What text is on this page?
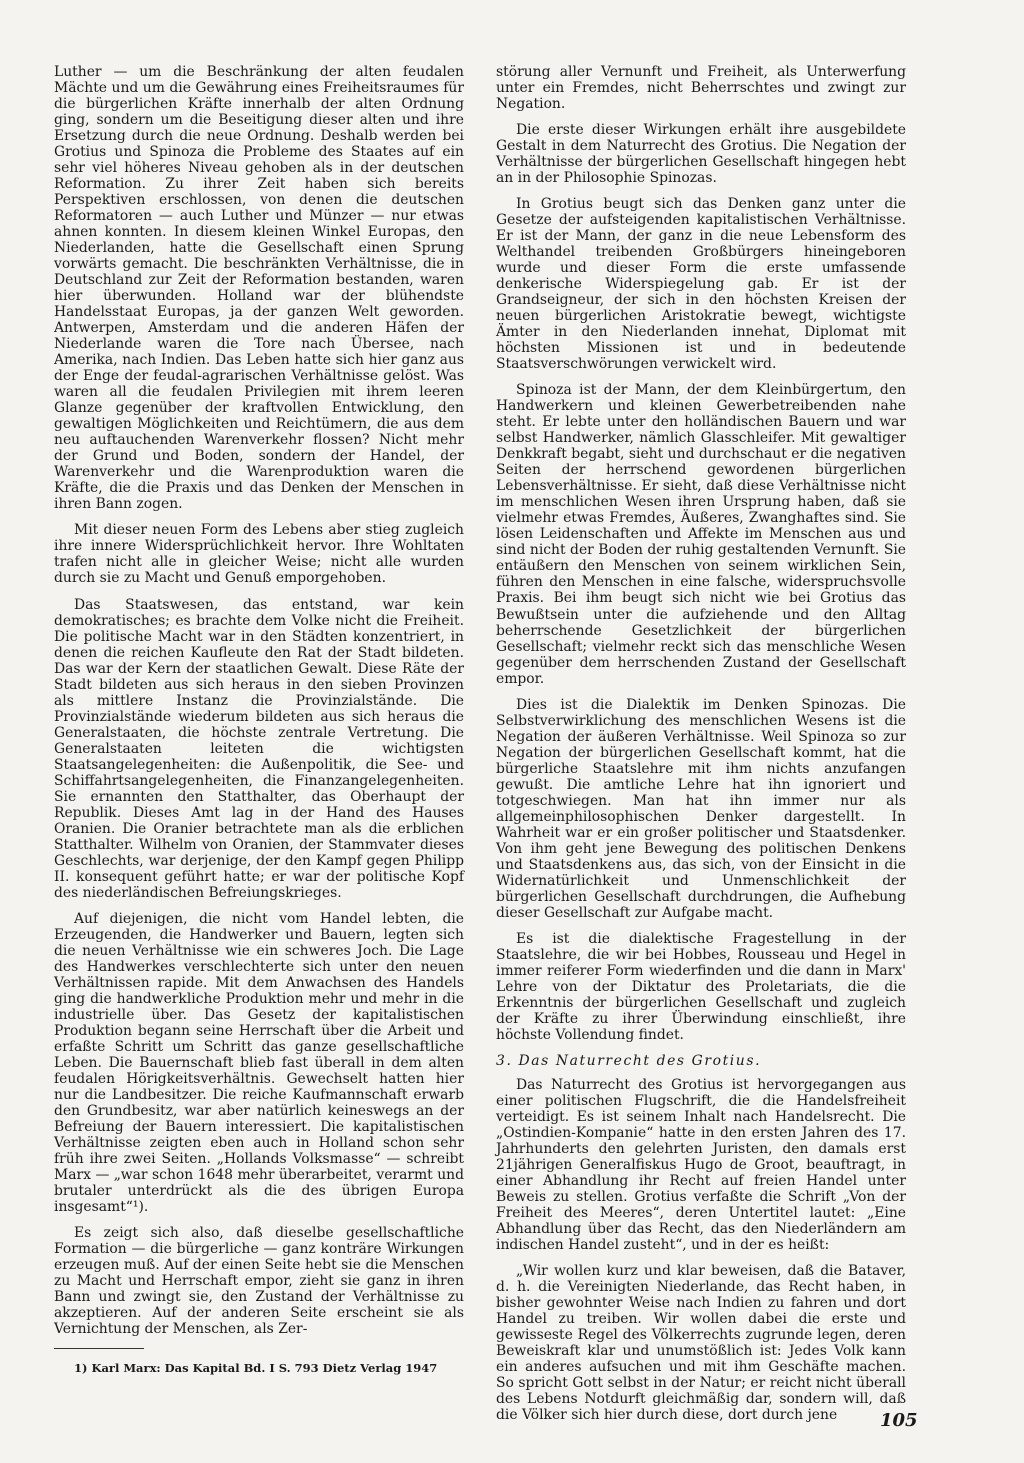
Luther — um die Beschränkung der alten feudalen Mächte und um die Gewährung eines Freiheitsraumes für die bürgerlichen Kräfte innerhalb der alten Ordnung ging, sondern um die Beseitigung dieser alten und ihre Ersetzung durch die neue Ordnung. Deshalb werden bei Grotius und Spinoza die Probleme des Staates auf ein sehr viel höheres Niveau gehoben als in der deutschen Reformation. Zu ihrer Zeit haben sich bereits Perspektiven erschlossen, von denen die deutschen Reformatoren — auch Luther und Münzer — nur etwas ahnen konnten. In diesem kleinen Winkel Europas, den Niederlanden, hatte die Gesellschaft einen Sprung vorwärts gemacht. Die beschränkten Verhältnisse, die in Deutschland zur Zeit der Reformation bestanden, waren hier überwunden. Holland war der blühendste Handelsstaat Europas, ja der ganzen Welt geworden. Antwerpen, Amsterdam und die anderen Häfen der Niederlande waren die Tore nach Übersee, nach Amerika, nach Indien. Das Leben hatte sich hier ganz aus der Enge der feudal-agrarischen Verhältnisse gelöst. Was waren all die feudalen Privilegien mit ihrem leeren Glanze gegenüber der kraftvollen Entwicklung, den gewaltigen Möglichkeiten und Reichtümern, die aus dem neu auftauchenden Warenverkehr flossen? Nicht mehr der Grund und Boden, sondern der Handel, der Warenverkehr und die Warenproduktion waren die Kräfte, die die Praxis und das Denken der Menschen in ihren Bann zogen.

Mit dieser neuen Form des Lebens aber stieg zugleich ihre innere Widersprüchlichkeit hervor. Ihre Wohltaten trafen nicht alle in gleicher Weise; nicht alle wurden durch sie zu Macht und Genuß emporgehoben.

Das Staatswesen, das entstand, war kein demokratisches; es brachte dem Volke nicht die Freiheit. Die politische Macht war in den Städten konzentriert, in denen die reichen Kaufleute den Rat der Stadt bildeten. Das war der Kern der staatlichen Gewalt. Diese Räte der Stadt bildeten aus sich heraus in den sieben Provinzen als mittlere Instanz die Provinzialstände. Die Provinzialstände wiederum bildeten aus sich heraus die Generalstaaten, die höchste zentrale Vertretung. Die Generalstaaten leiteten die wichtigsten Staatsangelegenheiten: die Außenpolitik, die See- und Schiffahrtsangelegenheiten, die Finanzangelegenheiten. Sie ernannten den Statthalter, das Oberhaupt der Republik. Dieses Amt lag in der Hand des Hauses Oranien. Die Oranier betrachtete man als die erblichen Statthalter. Wilhelm von Oranien, der Stammvater dieses Geschlechts, war derjenige, der den Kampf gegen Philipp II. konsequent geführt hatte; er war der politische Kopf des niederländischen Befreiungskrieges.

Auf diejenigen, die nicht vom Handel lebten, die Erzeugenden, die Handwerker und Bauern, legten sich die neuen Verhältnisse wie ein schweres Joch. Die Lage des Handwerkes verschlechterte sich unter den neuen Verhältnissen rapide. Mit dem Anwachsen des Handels ging die handwerkliche Produktion mehr und mehr in die industrielle über. Das Gesetz der kapitalistischen Produktion begann seine Herrschaft über die Arbeit und erfaßte Schritt um Schritt das ganze gesellschaftliche Leben. Die Bauernschaft blieb fast überall in dem alten feudalen Hörigkeitsverhältnis. Gewechselt hatten hier nur die Landbesitzer. Die reiche Kaufmannschaft erwarb den Grundbesitz, war aber natürlich keineswegs an der Befreiung der Bauern interessiert. Die kapitalistischen Verhältnisse zeigten eben auch in Holland schon sehr früh ihre zwei Seiten. „Hollands Volksmasse“ — schreibt Marx — „war schon 1648 mehr überarbeitet, verarmt und brutaler unterdrückt als die des übrigen Europa insgesamt“¹).

Es zeigt sich also, daß dieselbe gesellschaftliche Formation — die bürgerliche — ganz konträre Wirkungen erzeugen muß. Auf der einen Seite hebt sie die Menschen zu Macht und Herrschaft empor, zieht sie ganz in ihren Bann und zwingt sie, den Zustand der Verhältnisse zu akzeptieren. Auf der anderen Seite erscheint sie als Vernichtung der Menschen, als Zer-

störung aller Vernunft und Freiheit, als Unterwerfung unter ein Fremdes, nicht Beherrschtes und zwingt zur Negation.

Die erste dieser Wirkungen erhält ihre ausgebildete Gestalt in dem Naturrecht des Grotius. Die Negation der Verhältnisse der bürgerlichen Gesellschaft hingegen hebt an in der Philosophie Spinozas.

In Grotius beugt sich das Denken ganz unter die Gesetze der aufsteigenden kapitalistischen Verhältnisse. Er ist der Mann, der ganz in die neue Lebensform des Welthandel treibenden Großbürgers hineingeboren wurde und dieser Form die erste umfassende denkerische Widerspiegelung gab. Er ist der Grandseigneur, der sich in den höchsten Kreisen der neuen bürgerlichen Aristokratie bewegt, wichtigste Ämter in den Niederlanden innehat, Diplomat mit höchsten Missionen ist und in bedeutende Staatsverschwörungen verwickelt wird.

Spinoza ist der Mann, der dem Kleinbürgertum, den Handwerkern und kleinen Gewerbetreibenden nahe steht. Er lebte unter den holländischen Bauern und war selbst Handwerker, nämlich Glasschleifer. Mit gewaltiger Denkkraft begabt, sieht und durchschaut er die negativen Seiten der herrschend gewordenen bürgerlichen Lebensverhältnisse. Er sieht, daß diese Verhältnisse nicht im menschlichen Wesen ihren Ursprung haben, daß sie vielmehr etwas Fremdes, Äußeres, Zwanghaftes sind. Sie lösen Leidenschaften und Affekte im Menschen aus und sind nicht der Boden der ruhig gestaltenden Vernunft. Sie entäußern den Menschen von seinem wirklichen Sein, führen den Menschen in eine falsche, widerspruchsvolle Praxis. Bei ihm beugt sich nicht wie bei Grotius das Bewußtsein unter die aufziehende und den Alltag beherrschende Gesetzlichkeit der bürgerlichen Gesellschaft; vielmehr reckt sich das menschliche Wesen gegenüber dem herrschenden Zustand der Gesellschaft empor.

Dies ist die Dialektik im Denken Spinozas. Die Selbstverwirklichung des menschlichen Wesens ist die Negation der äußeren Verhältnisse. Weil Spinoza so zur Negation der bürgerlichen Gesellschaft kommt, hat die bürgerliche Staatslehre mit ihm nichts anzufangen gewußt. Die amtliche Lehre hat ihn ignoriert und totgeschwiegen. Man hat ihn immer nur als allgemeinphilosophischen Denker dargestellt. In Wahrheit war er ein großer politischer und Staatsdenker. Von ihm geht jene Bewegung des politischen Denkens und Staatsdenkens aus, das sich, von der Einsicht in die Widernatürlichkeit und Unmenschlichkeit der bürgerlichen Gesellschaft durchdrungen, die Aufhebung dieser Gesellschaft zur Aufgabe macht.

Es ist die dialektische Fragestellung in der Staatslehre, die wir bei Hobbes, Rousseau und Hegel in immer reiferer Form wiederfinden und die dann in Marx' Lehre von der Diktatur des Proletariats, die die Erkenntnis der bürgerlichen Gesellschaft und zugleich der Kräfte zu ihrer Überwindung einschließt, ihre höchste Vollendung findet.

3. Das Naturrecht des Grotius.

Das Naturrecht des Grotius ist hervorgegangen aus einer politischen Flugschrift, die die Handelsfreiheit verteidigt. Es ist seinem Inhalt nach Handelsrecht. Die „Ostindien-Kompanie“ hatte in den ersten Jahren des 17. Jahrhunderts den gelehrten Juristen, den damals erst 21jährigen Generalfiskus Hugo de Groot, beauftragt, in einer Abhandlung ihr Recht auf freien Handel unter Beweis zu stellen. Grotius verfaßte die Schrift „Von der Freiheit des Meeres“, deren Untertitel lautet: „Eine Abhandlung über das Recht, das den Niederländern am indischen Handel zusteht“, und in der es heißt:

„Wir wollen kurz und klar beweisen, daß die Bataver, d. h. die Vereinigten Niederlande, das Recht haben, in bisher gewohnter Weise nach Indien zu fahren und dort Handel zu treiben. Wir wollen dabei die erste und gewisseste Regel des Völkerrechts zugrunde legen, deren Beweiskraft klar und unumstößlich ist: Jedes Volk kann ein anderes aufsuchen und mit ihm Geschäfte machen. So spricht Gott selbst in der Natur; er reicht nicht überall des Lebens Notdurft gleichmäßig dar, sondern will, daß die Völker sich hier durch diese, dort durch jene
1) Karl Marx: Das Kapital Bd. I S. 793 Dietz Verlag 1947
105
